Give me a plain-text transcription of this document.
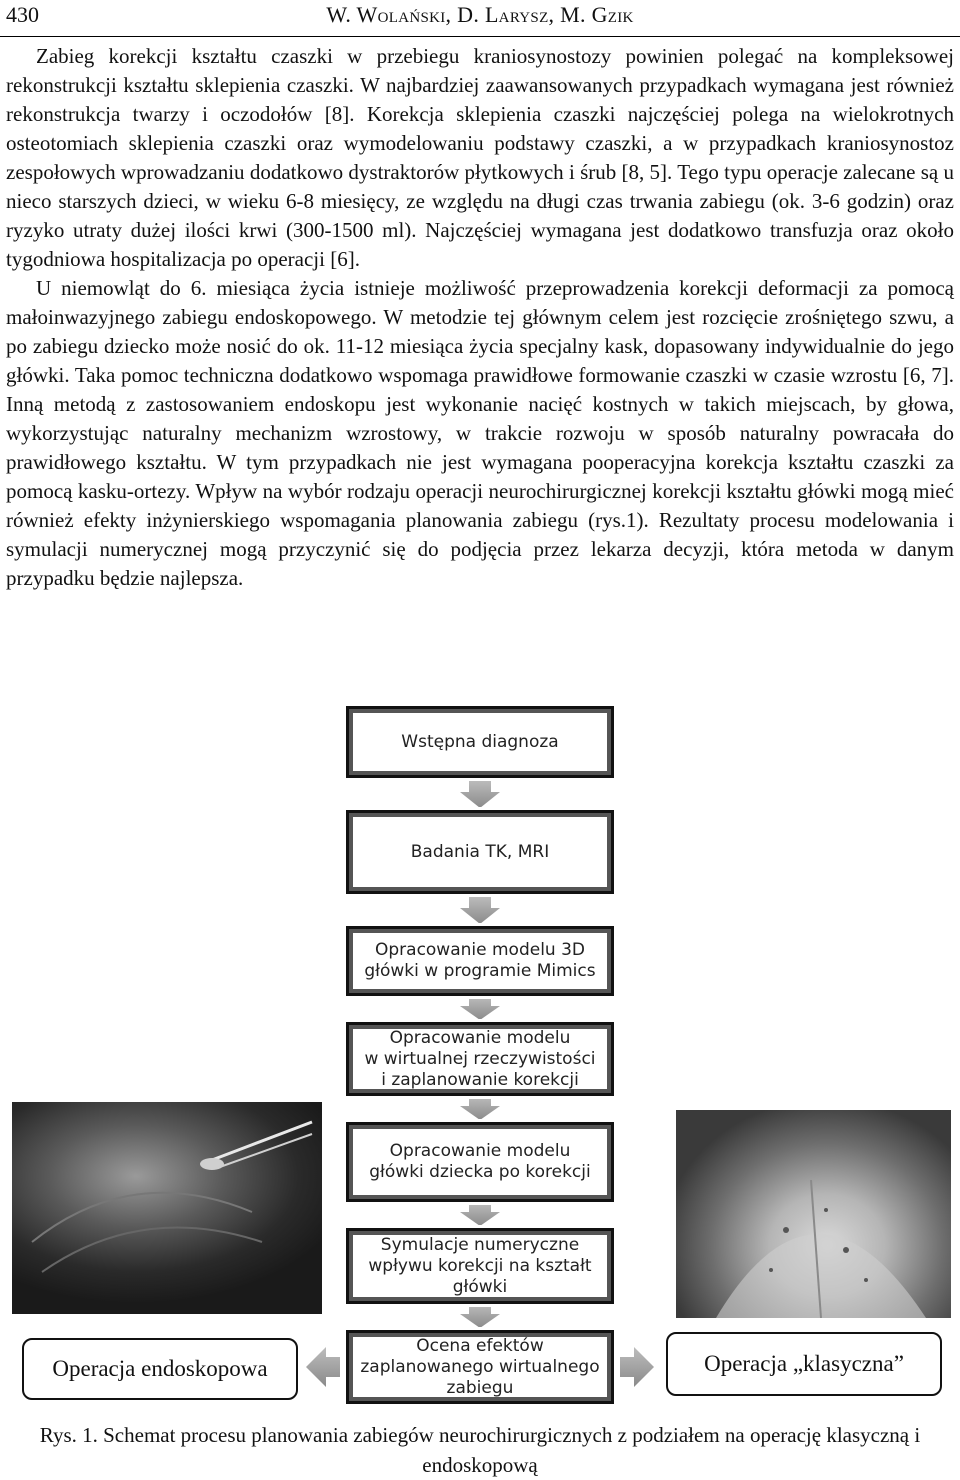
430	W. Wolański, D. Larysz, M. Gzik

Zabieg korekcji kształtu czaszki w przebiegu kraniosynostozy powinien polegać na kompleksowej rekonstrukcji kształtu sklepienia czaszki. W najbardziej zaawansowanych przypadkach wymagana jest również rekonstrukcja twarzy i oczodołów [8]. Korekcja sklepienia czaszki najczęściej polega na wielokrotnych osteotomiach sklepienia czaszki oraz wymodelowaniu podstawy czaszki, a w przypadkach kraniosynostoz zespołowych wprowadzaniu dodatkowo dystraktorów płytkowych i śrub [8, 5]. Tego typu operacje zalecane są u nieco starszych dzieci, w wieku 6-8 miesięcy, ze względu na długi czas trwania zabiegu (ok. 3-6 godzin) oraz ryzyko utraty dużej ilości krwi (300-1500 ml). Najczęściej wymagana jest dodatkowo transfuzja oraz około tygodniowa hospitalizacja po operacji [6].

U niemowląt do 6. miesiąca życia istnieje możliwość przeprowadzenia korekcji deformacji za pomocą małoinwazyjnego zabiegu endoskopowego. W metodzie tej głównym celem jest rozcięcie zrośniętego szwu, a po zabiegu dziecko może nosić do ok. 11-12 miesiąca życia specjalny kask, dopasowany indywidualnie do jego główki. Taka pomoc techniczna dodatkowo wspomaga prawidłowe formowanie czaszki w czasie wzrostu [6, 7]. Inną metodą z zastosowaniem endoskopu jest wykonanie nacięć kostnych w takich miejscach, by głowa, wykorzystując naturalny mechanizm wzrostowy, w trakcie rozwoju w sposób naturalny powracała do prawidłowego kształtu. W tym przypadkach nie jest wymagana pooperacyjna korekcja kształtu czaszki za pomocą kasku-ortezy. Wpływ na wybór rodzaju operacji neurochirurgicznej korekcji kształtu główki mogą mieć również efekty inżynierskiego wspomagania planowania zabiegu (rys.1). Rezultaty procesu modelowania i symulacji numerycznej mogą przyczynić się do podjęcia przez lekarza decyzji, która metoda w danym przypadku będzie najlepsza.

Wstępna diagnoza
Badania TK, MRI
Opracowanie modelu 3D
główki w programie Mimics
Opracowanie modelu
w wirtualnej rzeczywistości
i zaplanowanie korekcji
Opracowanie modelu
główki dziecka po korekcji
Symulacje numeryczne
wpływu korekcji na kształt
główki
Ocena efektów
zaplanowanego wirtualnego
zabiegu
Operacja endoskopowa	Operacja „klasyczna”
Rys. 1. Schemat procesu planowania zabiegów neurochirurgicznych z podziałem na operację klasyczną i endoskopową
